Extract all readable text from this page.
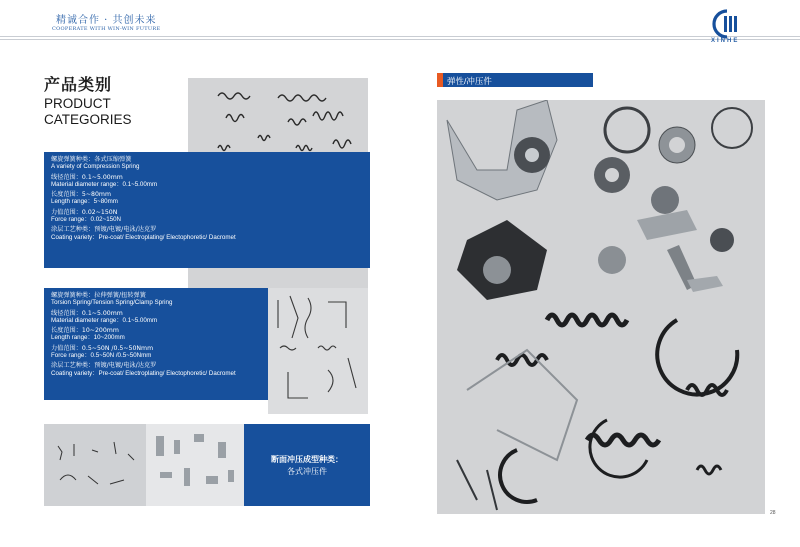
精诚合作 · 共创未来
COOPERATE WITH WIN-WIN FUTURE
XINHE
产品类别
PRODUCT
CATEGORIES
螺旋弹簧种类：各式压缩弹簧
A variety of Compression Spring
线径范围：0.1~5.00mm
Material diameter range：0.1~5.00mm
长度范围：5~80mm
Length range：5~80mm
力值范围：0.02~150N
Force range：0.02~150N
涂层工艺种类：预镀/电镀/电泳/达克罗
Coating variety：Pre-coat/ Electroplating/ Electophoretic/ Dacromet
螺旋弹簧种类：拉伸弹簧/扭转弹簧
Torsion Spring/Tension Spring/Clamp Spring
线径范围：0.1~5.00mm
Material diameter range：0.1~5.00mm
长度范围：10~200mm
Length range：10~200mm
力值范围：0.5~50N /0.5~50Nmm
Force range：0.5~50N /0.5~50Nmm
涂层工艺种类：预镀/电镀/电泳/达克罗
Coating variety：Pre-coat/ Electroplating/ Electophoretic/ Dacromet
断面冲压成型种类：
各式冲压件
弹性/冲压件
28
